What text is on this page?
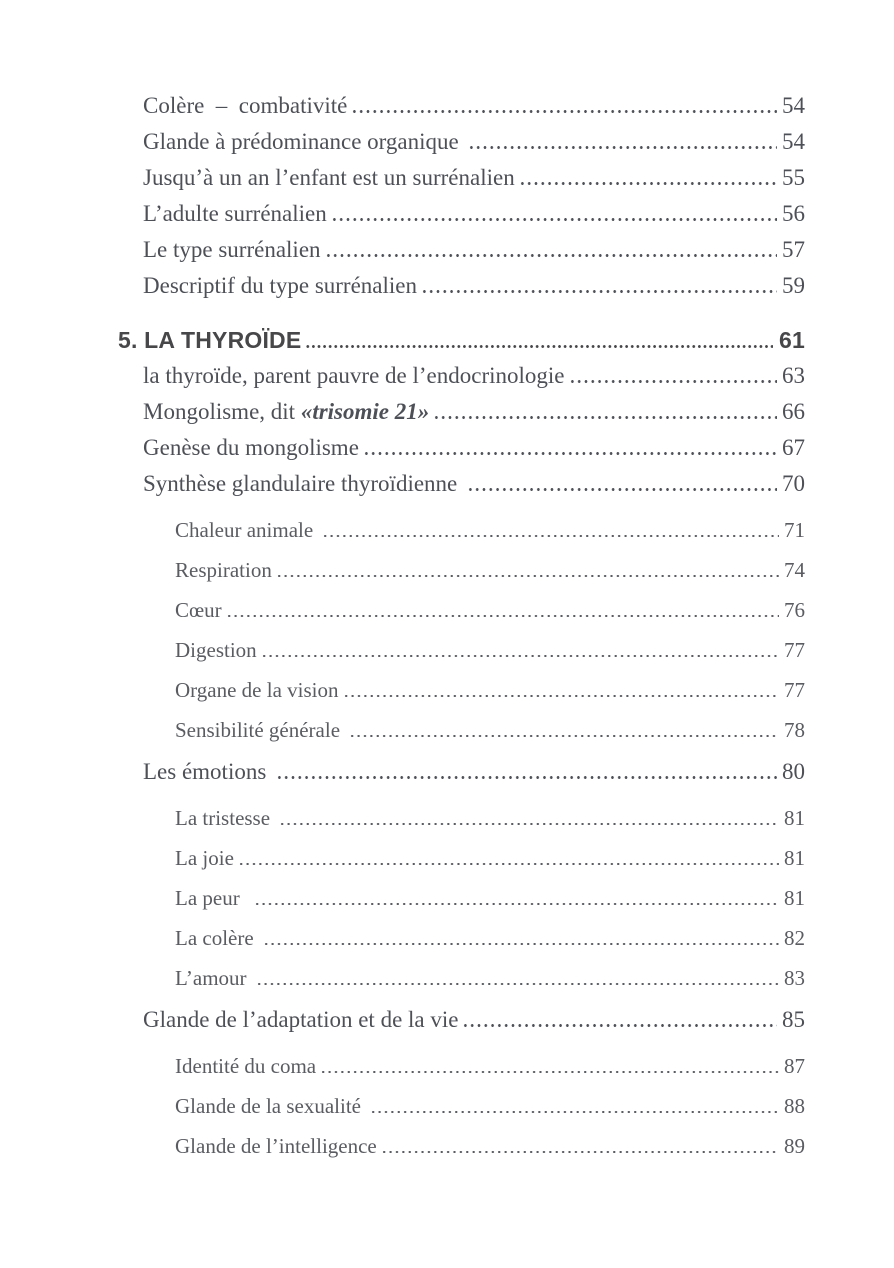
Colère  –  combativité	54
Glande à prédominance organique	54
Jusqu’à un an l’enfant est un surrénalien	55
L’adulte surrénalien	56
Le type surrénalien	57
Descriptif du type surrénalien	59
5. LA THYROÏDE	61
la thyroïde, parent pauvre de l’endocrinologie	63
Mongolisme, dit «trisomie 21»	66
Genèse du mongolisme	67
Synthèse glandulaire thyroïdienne	70
Chaleur animale	71
Respiration	74
Cœur	76
Digestion	77
Organe de la vision	77
Sensibilité générale	78
Les émotions	80
La tristesse	81
La joie	81
La peur	81
La colère	82
L’amour	83
Glande de l’adaptation et de la vie	85
Identité du coma	87
Glande de la sexualité	88
Glande de l’intelligence	89
